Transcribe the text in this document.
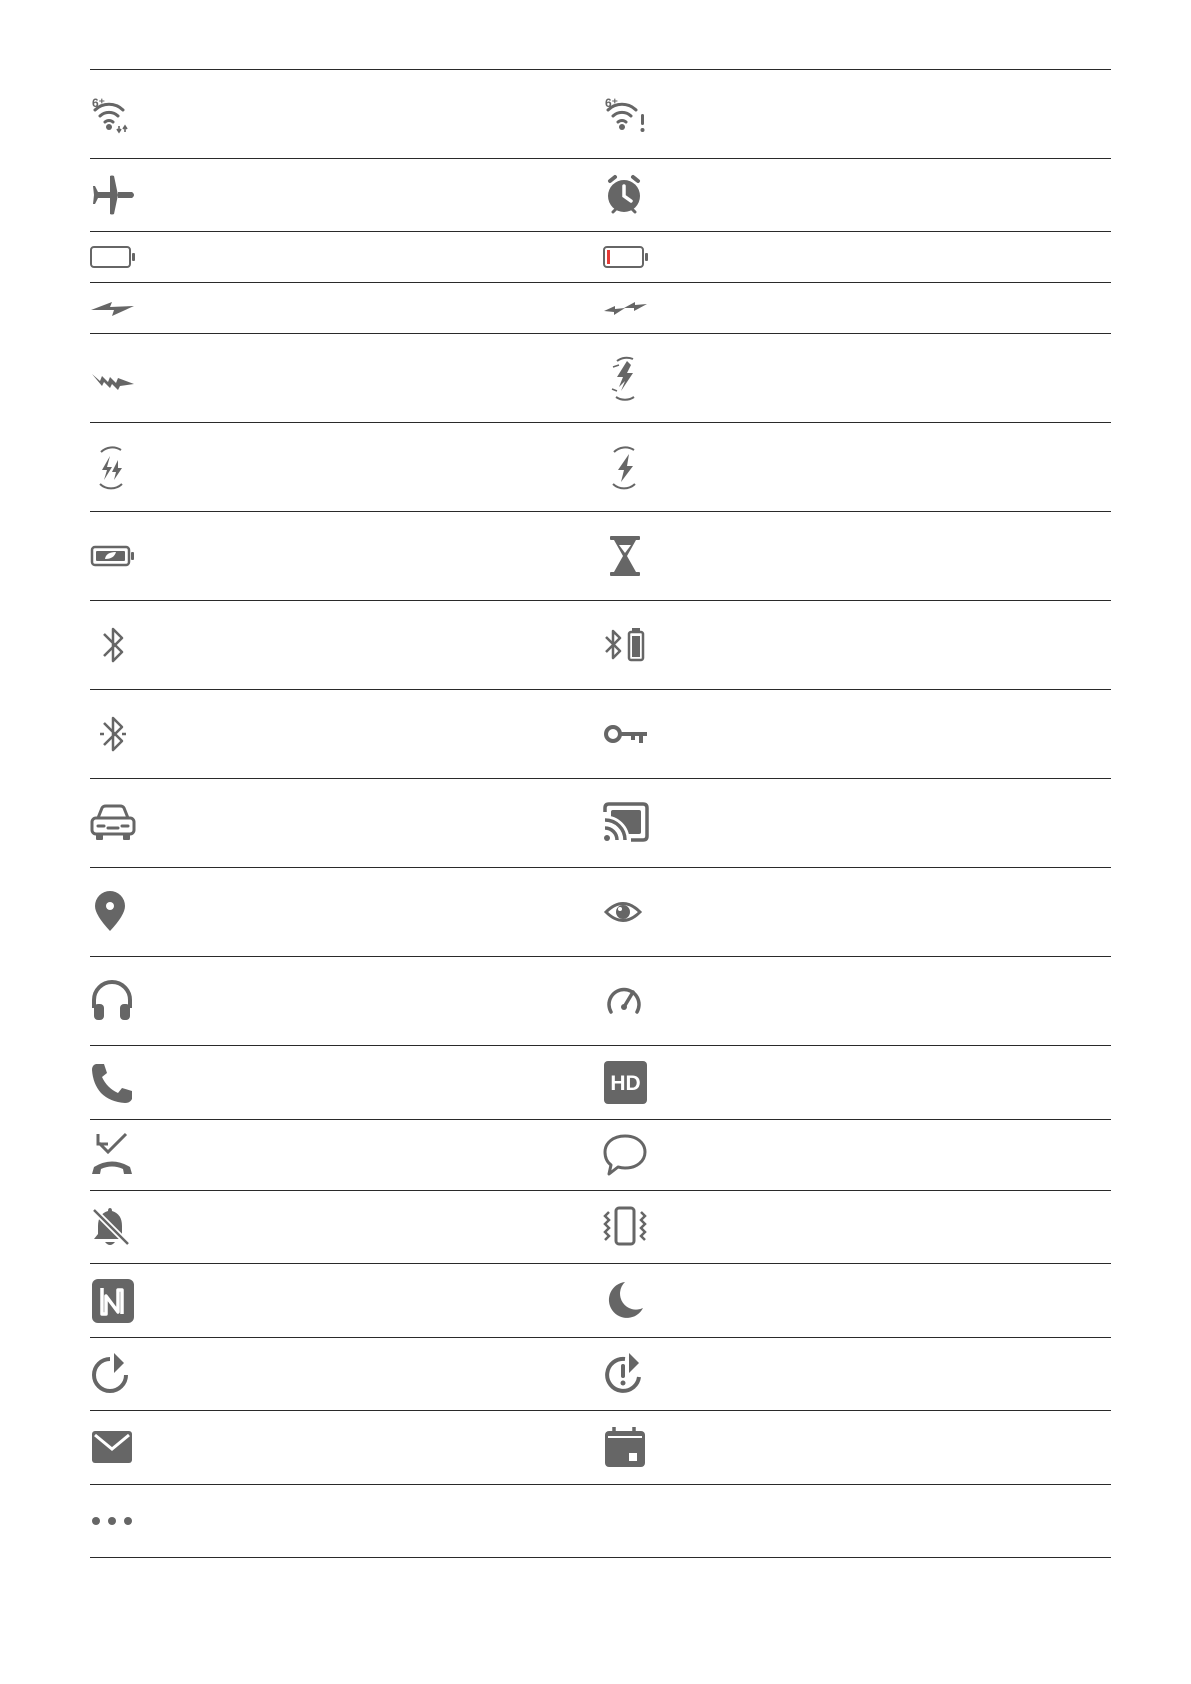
6⁺	6⁺
HD
